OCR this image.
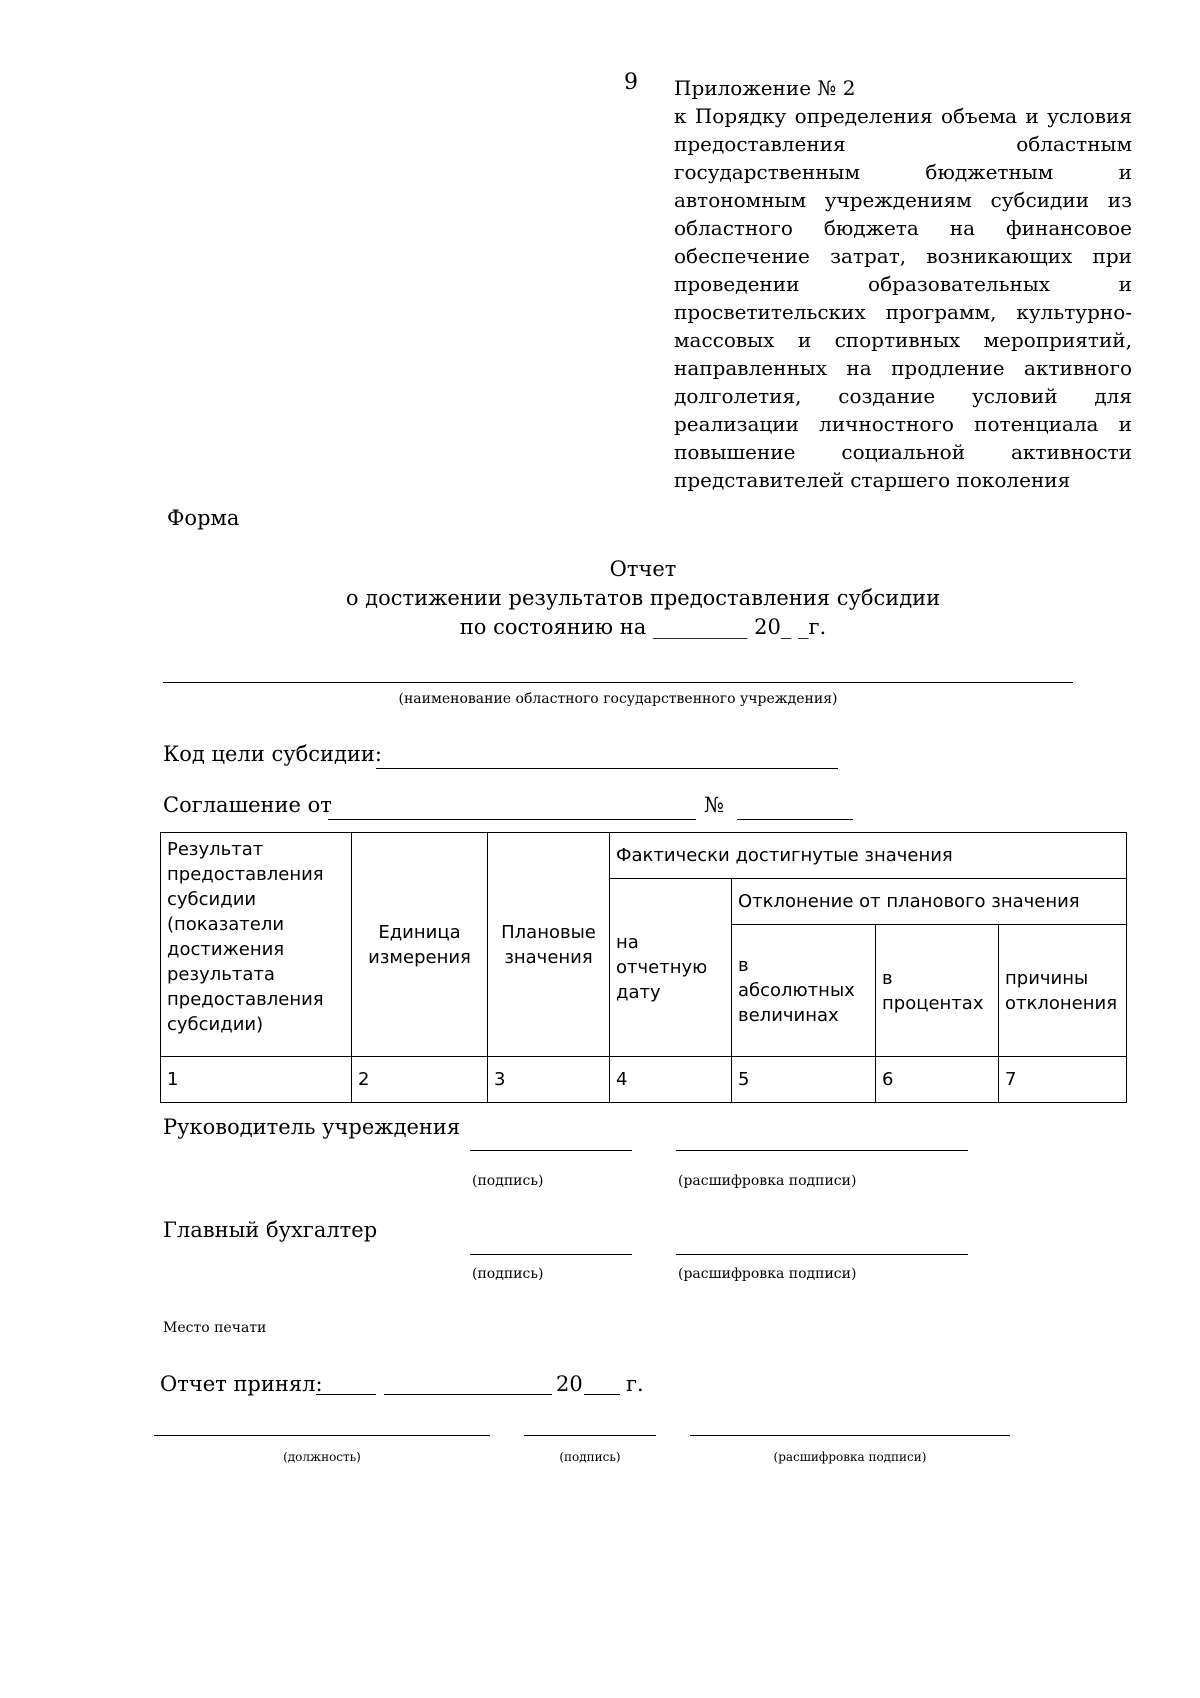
9 Приложение № 2

к Порядку определения объема и условия предоставления областным государственным бюджетным и автономным учреждениям субсидии из областного бюджета на финансовое обеспечение затрат, возникающих при проведении образовательных и просветительских программ, культурно-массовых и спортивных мероприятий, направленных на продление активного долголетия, создание условий для реализации личностного потенциала и повышение социальной активности представителей старшего поколения

Форма
Отчет
о достижении результатов предоставления субсидии
по состоянию на _________ 20_ _г.
(наименование областного государственного учреждения)
Код цели субсидии:
Соглашение от	№
Результат предоставления субсидии (показатели достижения результата предоставления субсидии)	Единица измерения	Плановые значения	Фактически достигнутые значения			
			на отчетную дату	Отклонение от планового значения		
				в абсолютных величинах	в процентах	причины отклонения
1	2	3	4	5	6	7
Руководитель учреждения
(подпись)	(расшифровка подписи)
Главный бухгалтер
(подпись)	(расшифровка подписи)
Место печати
Отчет принял:	20 г.
(должность)	(подпись)	(расшифровка подписи)
